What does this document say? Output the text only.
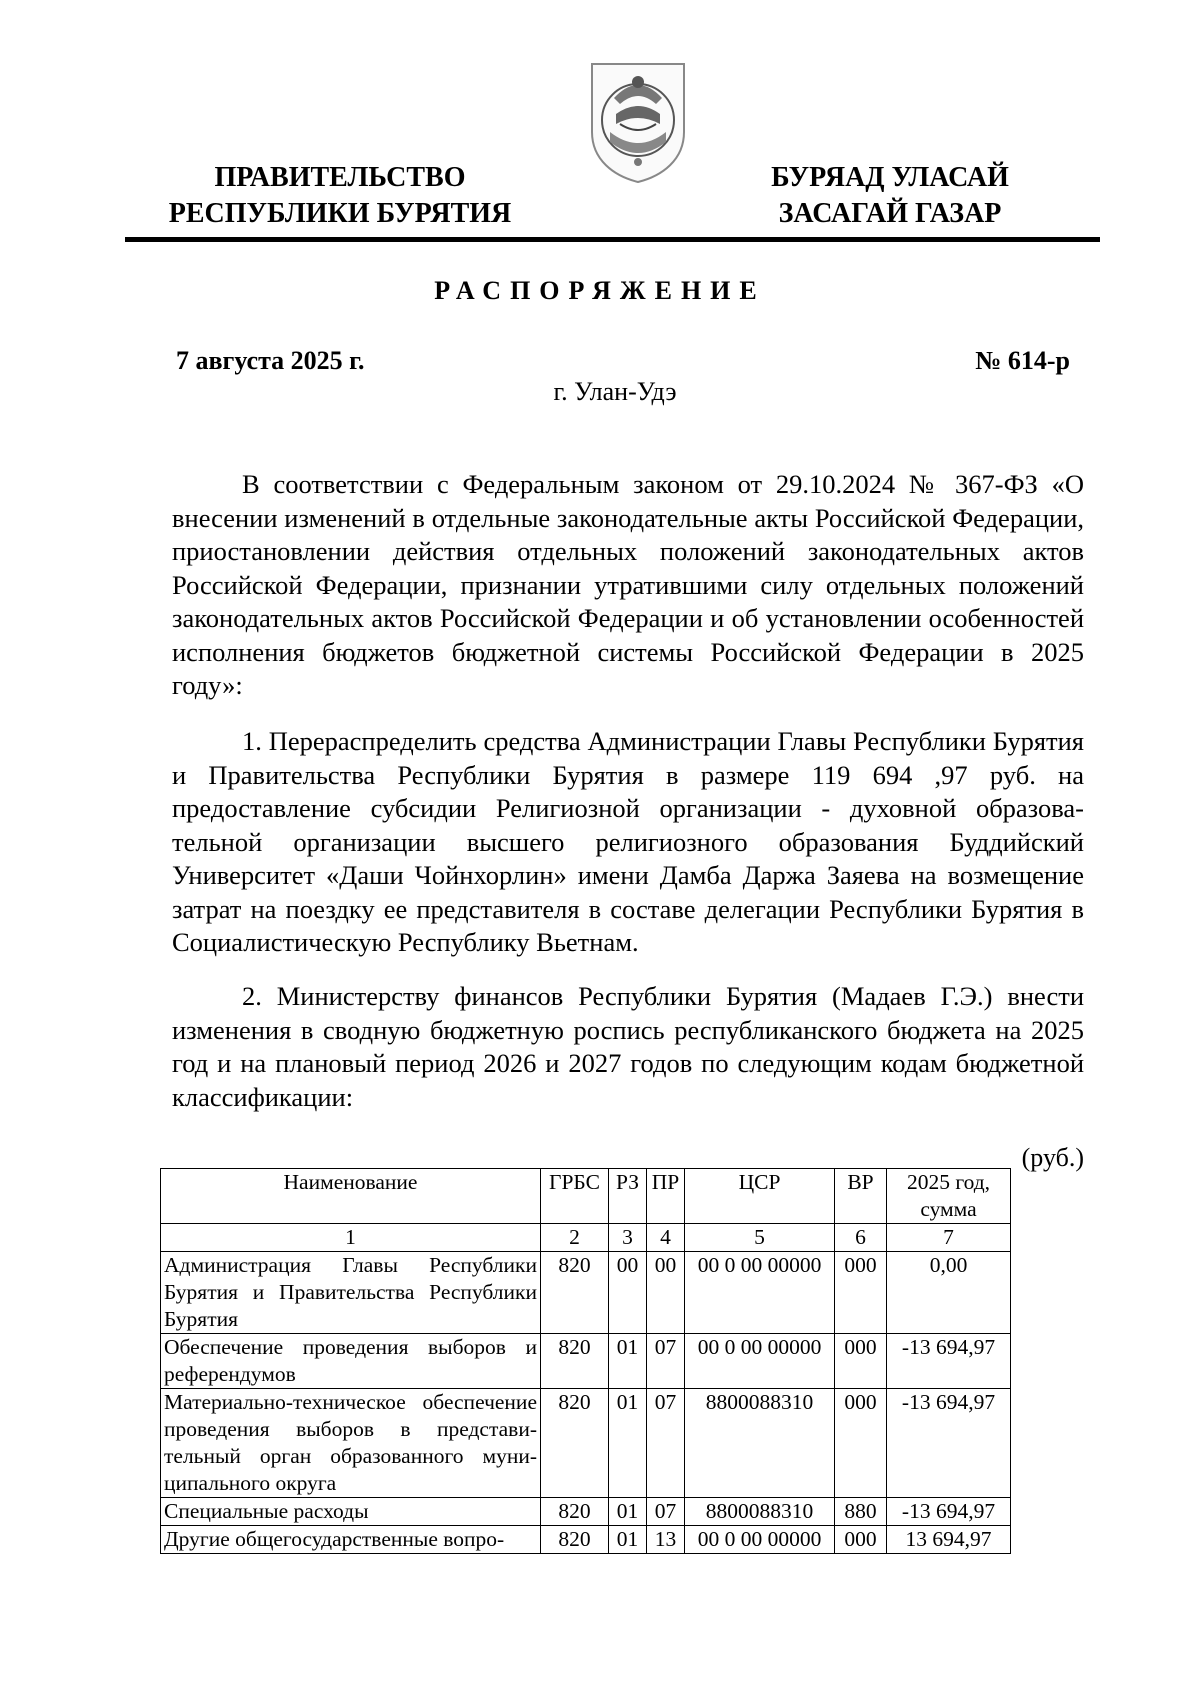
ПРАВИТЕЛЬСТВО
РЕСПУБЛИКИ БУРЯТИЯ
БУРЯАД УЛАСАЙ
ЗАСАГАЙ ГАЗАР
РАСПОРЯЖЕНИЕ
7 августа 2025 г.	№ 614-р
г. Улан-Удэ

В соответствии с Федеральным законом от 29.10.2024 № 367-ФЗ «О внесении изменений в отдельные законодательные акты Российской Федерации, приостановлении действия отдельных положений законодательных актов Российской Федерации, признании утратившими силу отдельных положений законодательных актов Российской Федерации и об установлении особенностей исполнения бюджетов бюджетной системы Российской Федерации в 2025 году»:

1. Перераспределить средства Администрации Главы Республики Бурятия и Правительства Республики Бурятия в размере 119 694 ,97 руб. на предоставление субсидии Религиозной организации - духовной образовательной организации высшего религиозного образования Буддийский Университет «Даши Чойнхорлин» имени Дамба Даржа Заяева на возмещение затрат на поездку ее представителя в составе делегации Республики Бурятия в Социалистическую Республику Вьетнам.

2. Министерству финансов Республики Бурятия (Мадаев Г.Э.) внести изменения в сводную бюджетную роспись республиканского бюджета на 2025 год и на плановый период 2026 и 2027 годов по следующим кодам бюджетной классификации:

(руб.)
Наименование	ГРБС	РЗ	ПР	ЦСР	ВР	2025 год, сумма
1	2	3	4	5	6	7
Администрация Главы Республики Бурятия и Правительства Республики Бурятия	820	00	00	00 0 00 00000	000	0,00
Обеспечение проведения выборов и референдумов	820	01	07	00 0 00 00000	000	-13 694,97
Материально-техническое обеспечение проведения выборов в представительный орган образованного муниципального округа	820	01	07	8800088310	000	-13 694,97
Специальные расходы	820	01	07	8800088310	880	-13 694,97
Другие общегосударственные вопро-	820	01	13	00 0 00 00000	000	13 694,97
